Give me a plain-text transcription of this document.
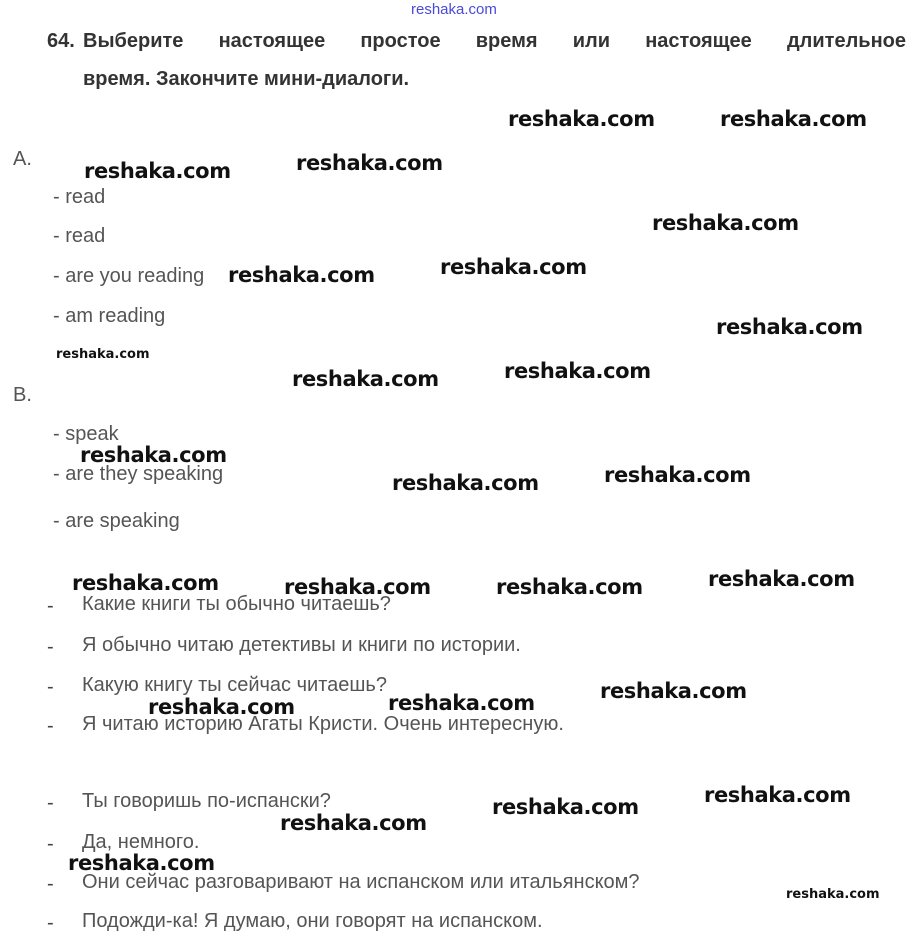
reshaka.com
64. Выберите настоящее простое время или настоящее длительное
время. Закончите мини-диалоги.
A.
- read
- read
- are you reading
- am reading
B.
- speak
- are they speaking
- are speaking
- Какие книги ты обычно читаешь?
- Я обычно читаю детективы и книги по истории.
- Какую книгу ты сейчас читаешь?
- Я читаю историю Агаты Кристи. Очень интересную.
- Ты говоришь по-испански?
- Да, немного.
- Они сейчас разговаривают на испанском или итальянском?
- Подожди-ка! Я думаю, они говорят на испанском.
reshaka.com	reshaka.com
reshaka.com	reshaka.com
reshaka.com
reshaka.com	reshaka.com
reshaka.com
reshaka.com
reshaka.com	reshaka.com
reshaka.com
reshaka.com	reshaka.com
reshaka.com	reshaka.com	reshaka.com	reshaka.com
reshaka.com
reshaka.com
reshaka.com
reshaka.com
reshaka.com
reshaka.com
reshaka.com
reshaka.com
